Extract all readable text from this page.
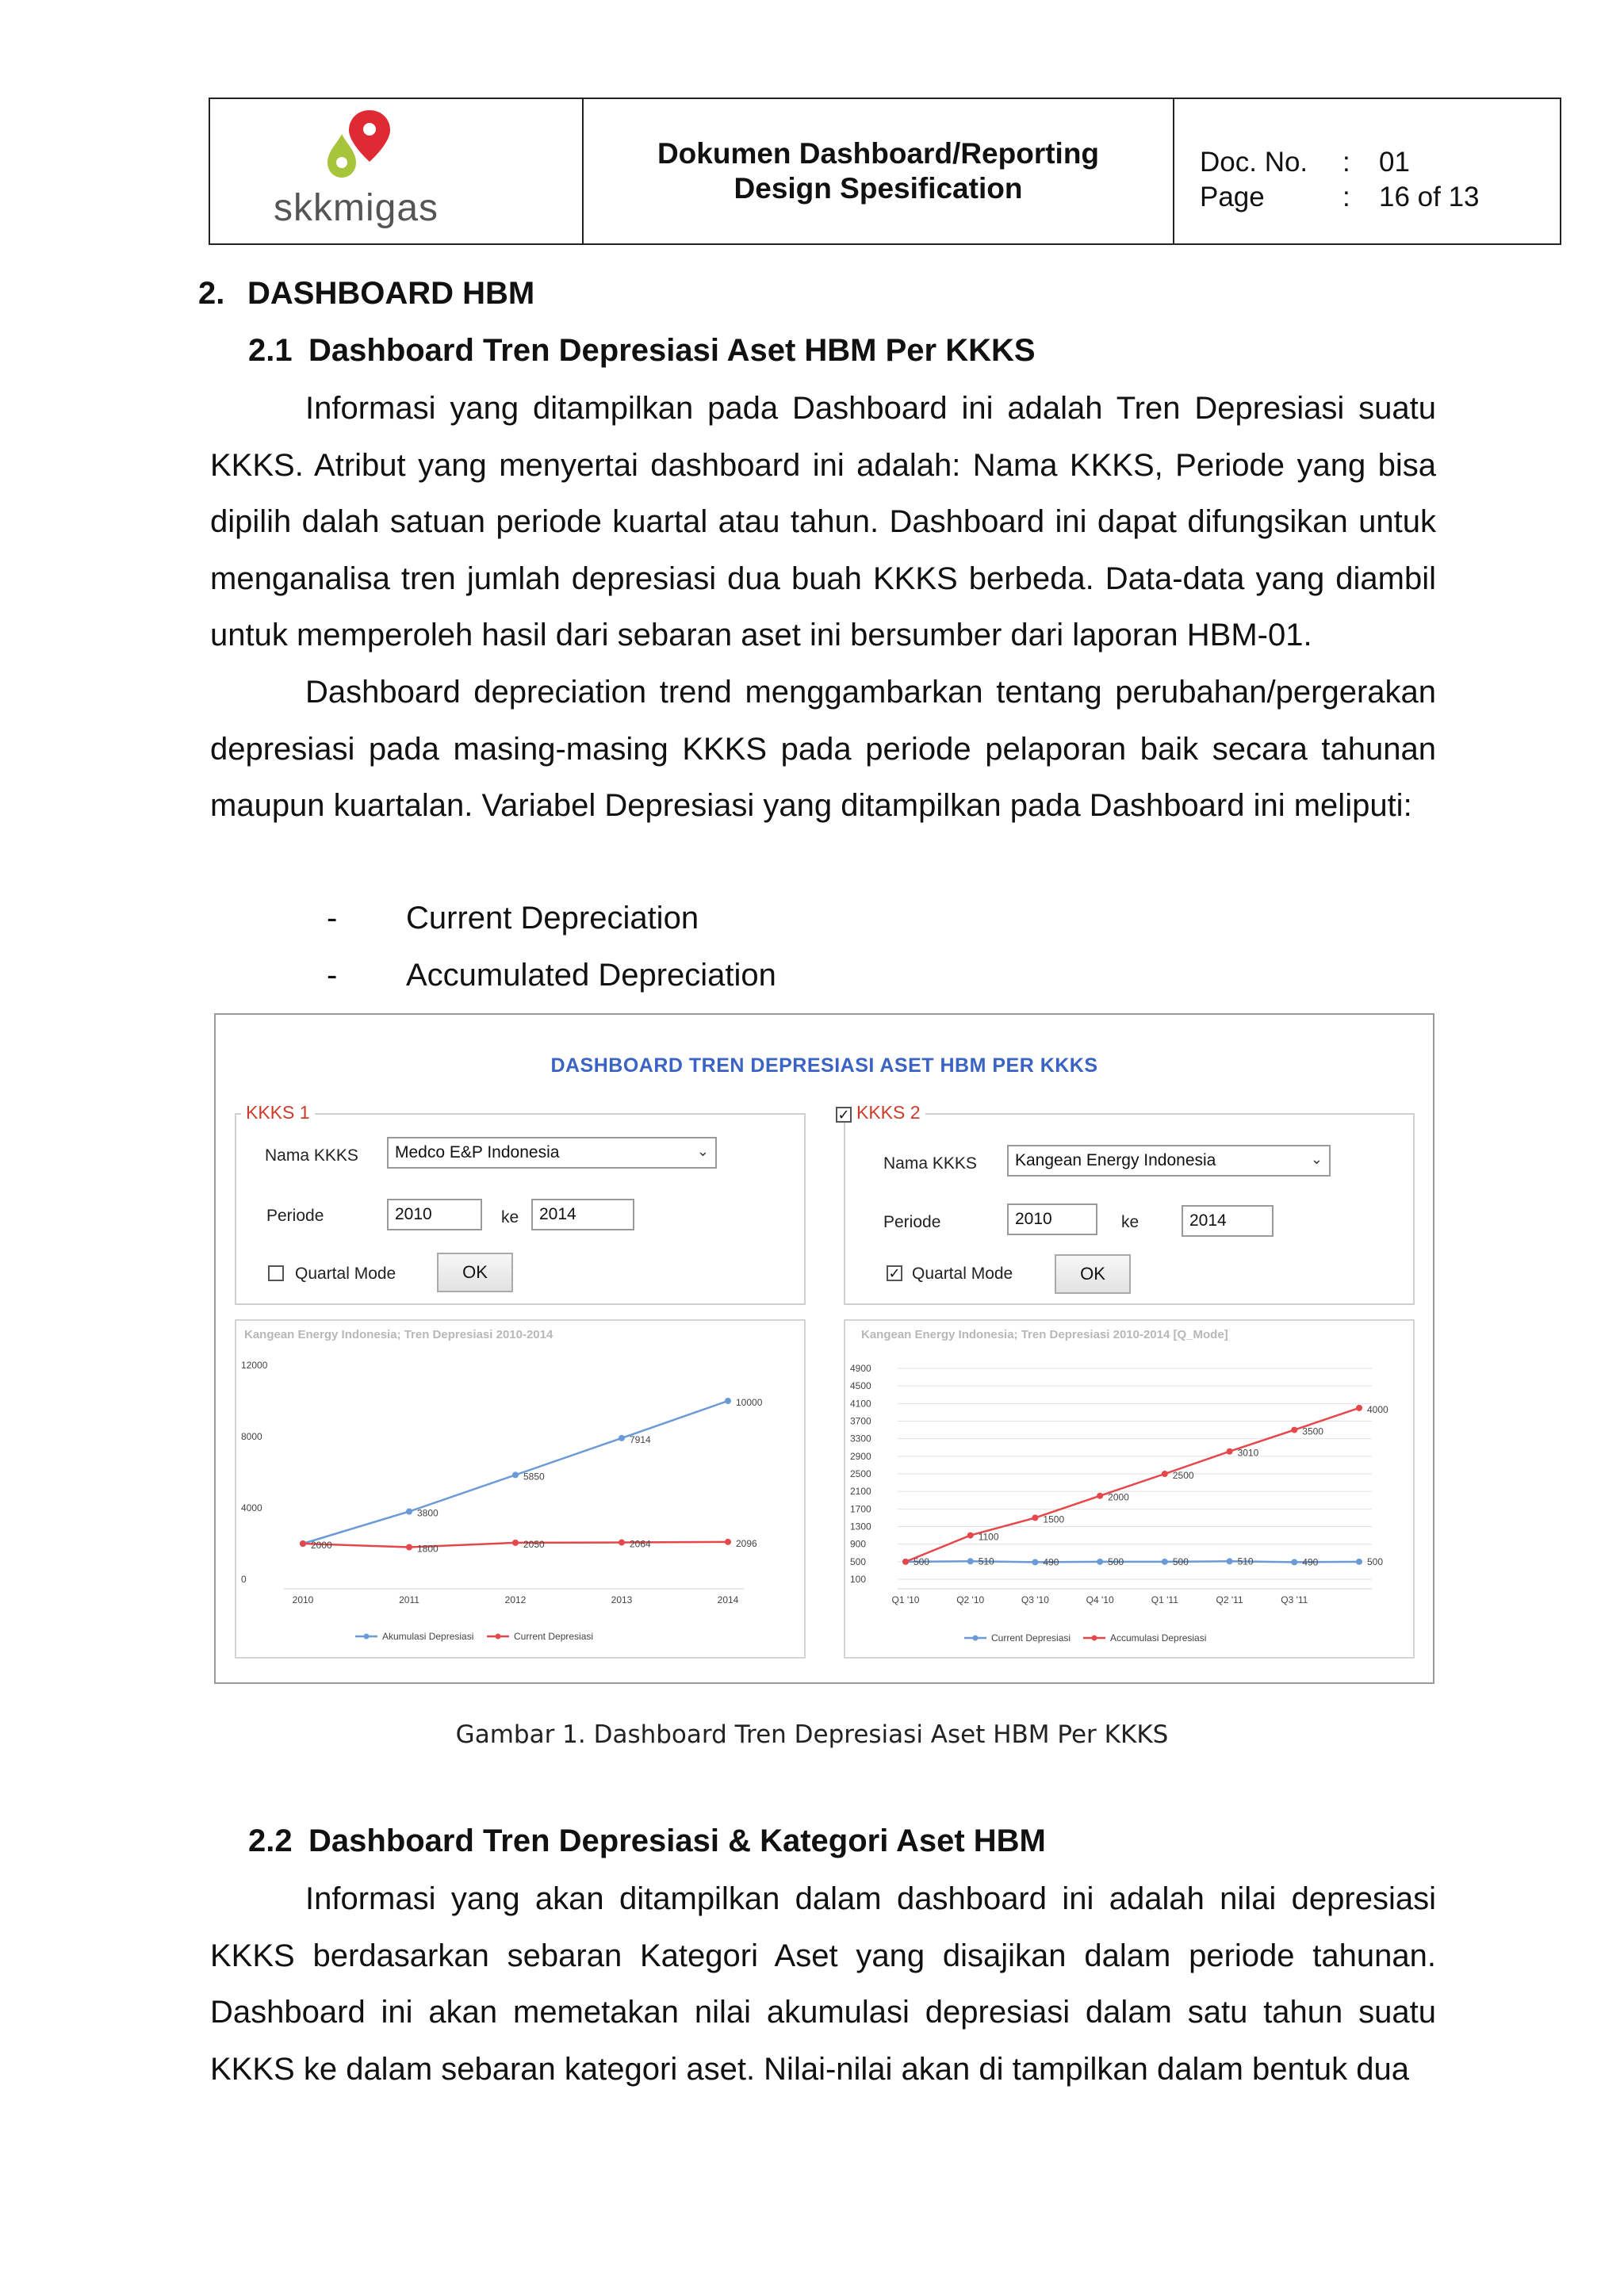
skkmigas
Dokumen Dashboard/Reporting
Design Spesification
Doc. No.	:	01
Page	:	16 of 13
2. DASHBOARD HBM
2.1 Dashboard Tren Depresiasi Aset HBM Per KKKS

Informasi yang ditampilkan pada Dashboard ini adalah Tren Depresiasi suatu KKKS. Atribut yang menyertai dashboard ini adalah: Nama KKKS, Periode yang bisa dipilih dalah satuan periode kuartal atau tahun. Dashboard ini dapat difungsikan untuk menganalisa tren jumlah depresiasi dua buah KKKS berbeda. Data-data yang diambil untuk memperoleh hasil dari sebaran aset ini bersumber dari laporan HBM-01.

Dashboard depreciation trend menggambarkan tentang perubahan/pergerakan depresiasi pada masing-masing KKKS pada periode pelaporan baik secara tahunan maupun kuartalan. Variabel Depresiasi yang ditampilkan pada Dashboard ini meliputi:

-	Current Depreciation
-	Accumulated Depreciation
DASHBOARD TREN DEPRESIASI ASET HBM PER KKKS
KKKS 1
Nama KKKS	Medco E&P Indonesia	⌄
Periode	2010	ke	2014
Quartal Mode	OK
✓ KKKS 2
Nama KKKS	Kangean Energy Indonesia	⌄
Periode	2010	ke	2014
✓ Quartal Mode	OK
Kangean Energy Indonesia; Tren Depresiasi 2010-2014
0
4000
8000
12000
2010	2011	2012	2013	2014
3800
5850
7914
10000
Akumulasi Depresiasi
2000	1800	2050	2064	2096
Current Depresiasi
Kangean Energy Indonesia; Tren Depresiasi 2010-2014 [Q_Mode]
100
500
900
1300
1700
2100
2500
2900
3300
3700
4100
4500
4900
Q1 '10	Q2 '10	Q3 '10	Q4 '10	Q1 '11	Q2 '11	Q3 '11
500	510	490	500	500	510	490	500
Current Depresiasi
1100
1500
2000
2500
3010
3500
4000
Accumulasi Depresiasi
Gambar 1. Dashboard Tren Depresiasi Aset HBM Per KKKS
2.2 Dashboard Tren Depresiasi & Kategori Aset HBM

Informasi yang akan ditampilkan dalam dashboard ini adalah nilai depresiasi KKKS berdasarkan sebaran Kategori Aset yang disajikan dalam periode tahunan. Dashboard ini akan memetakan nilai akumulasi depresiasi dalam satu tahun suatu KKKS ke dalam sebaran kategori aset. Nilai-nilai akan di tampilkan dalam bentuk dua
